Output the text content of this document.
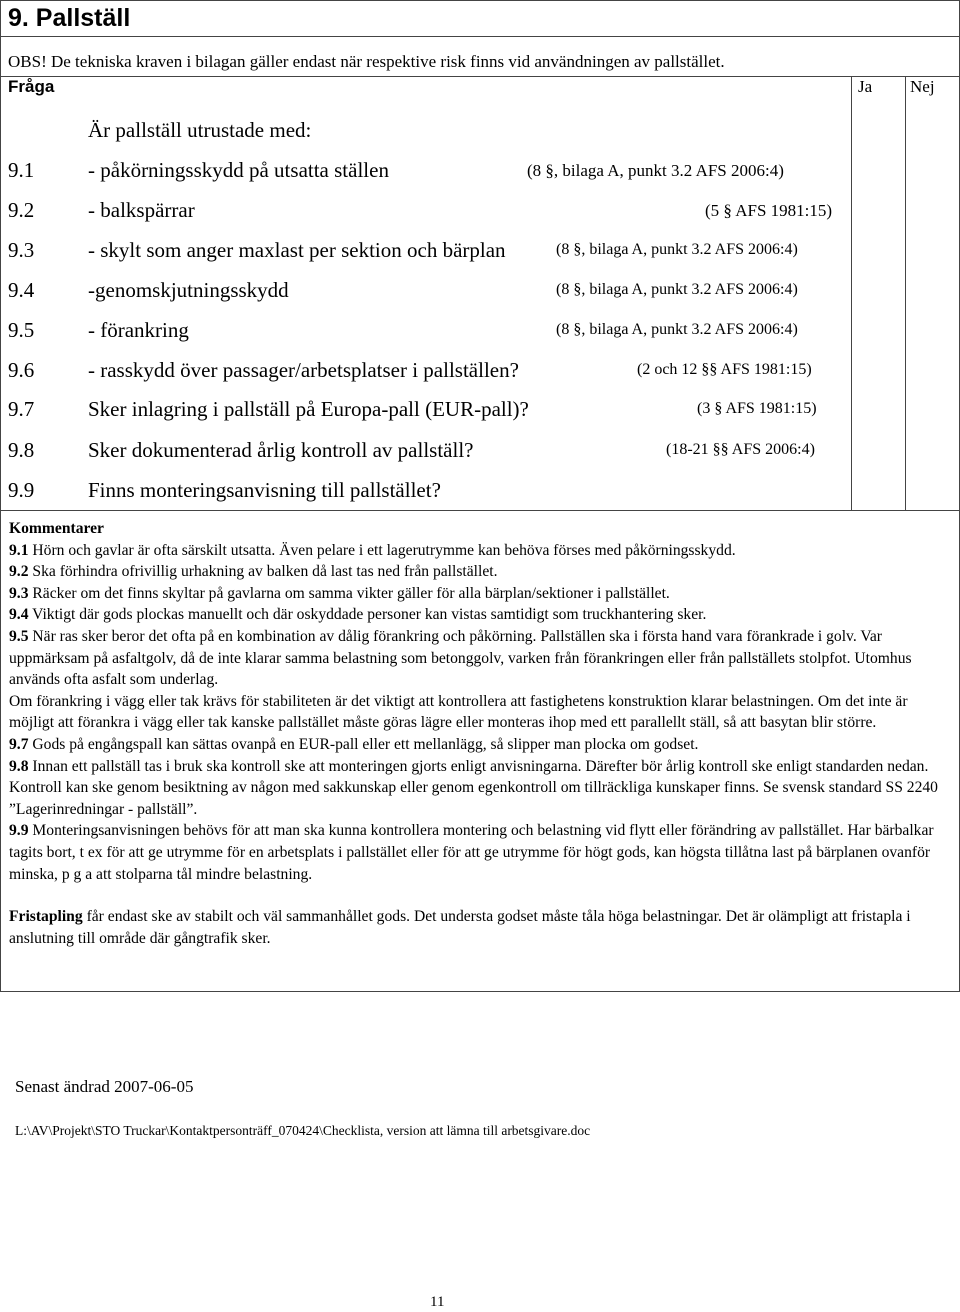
9. Pallställ
OBS! De tekniska kraven i bilagan gäller endast när respektive risk finns vid användningen av pallstället.
Fråga	Ja Nej
Är pallställ utrustade med:
9.1	- påkörningsskydd på utsatta ställen	(8 §, bilaga A, punkt 3.2 AFS 2006:4)
9.2	- balkspärrar	(5 § AFS 1981:15)
9.3	- skylt som anger maxlast per sektion och bärplan	(8 §, bilaga A, punkt 3.2 AFS 2006:4)
9.4	-genomskjutningsskydd	(8 §, bilaga A, punkt 3.2 AFS 2006:4)
9.5	- förankring	(8 §, bilaga A, punkt 3.2 AFS 2006:4)
9.6	- rasskydd över passager/arbetsplatser i pallställen?	(2 och 12 §§ AFS 1981:15)
9.7	Sker inlagring i pallställ på Europa-pall (EUR-pall)?	(3 § AFS 1981:15)
9.8	Sker dokumenterad årlig kontroll av pallställ?	(18-21 §§ AFS 2006:4)
9.9	Finns monteringsanvisning till pallstället?

Kommentarer

9.1 Hörn och gavlar är ofta särskilt utsatta. Även pelare i ett lagerutrymme kan behöva förses med påkörningsskydd.

9.2 Ska förhindra ofrivillig urhakning av balken då last tas ned från pallstället.

9.3 Räcker om det finns skyltar på gavlarna om samma vikter gäller för alla bärplan/sektioner i pallstället.

9.4 Viktigt där gods plockas manuellt och där oskyddade personer kan vistas samtidigt som truckhantering sker.

9.5 När ras sker beror det ofta på en kombination av dålig förankring och påkörning. Pallställen ska i första hand vara förankrade i golv. Var uppmärksam på asfaltgolv, då de inte klarar samma belastning som betonggolv, varken från förankringen eller från pallställets stolpfot. Utomhus används ofta asfalt som underlag.

Om förankring i vägg eller tak krävs för stabiliteten är det viktigt att kontrollera att fastighetens konstruktion klarar belastningen. Om det inte är möjligt att förankra i vägg eller tak kanske pallstället måste göras lägre eller monteras ihop med ett parallellt ställ, så att basytan blir större.

9.7 Gods på engångspall kan sättas ovanpå en EUR-pall eller ett mellanlägg, så slipper man plocka om godset.

9.8 Innan ett pallställ tas i bruk ska kontroll ske att monteringen gjorts enligt anvisningarna. Därefter bör årlig kontroll ske enligt standarden nedan. Kontroll kan ske genom besiktning av någon med sakkunskap eller genom egenkontroll om tillräckliga kunskaper finns. Se svensk standard SS 2240 ”Lagerinredningar - pallställ”.

9.9 Monteringsanvisningen behövs för att man ska kunna kontrollera montering och belastning vid flytt eller förändring av pallstället. Har bärbalkar tagits bort, t ex för att ge utrymme för en arbetsplats i pallstället eller för att ge utrymme för högt gods, kan högsta tillåtna last på bärplanen ovanför minska, p g a att stolparna tål mindre belastning.

Fristapling får endast ske av stabilt och väl sammanhållet gods. Det understa godset måste tåla höga belastningar. Det är olämpligt att fristapla i anslutning till område där gångtrafik sker.

Senast ändrad 2007-06-05
L:\AV\Projekt\STO Truckar\Kontaktpersonträff_070424\Checklista, version att lämna till arbetsgivare.doc
11
